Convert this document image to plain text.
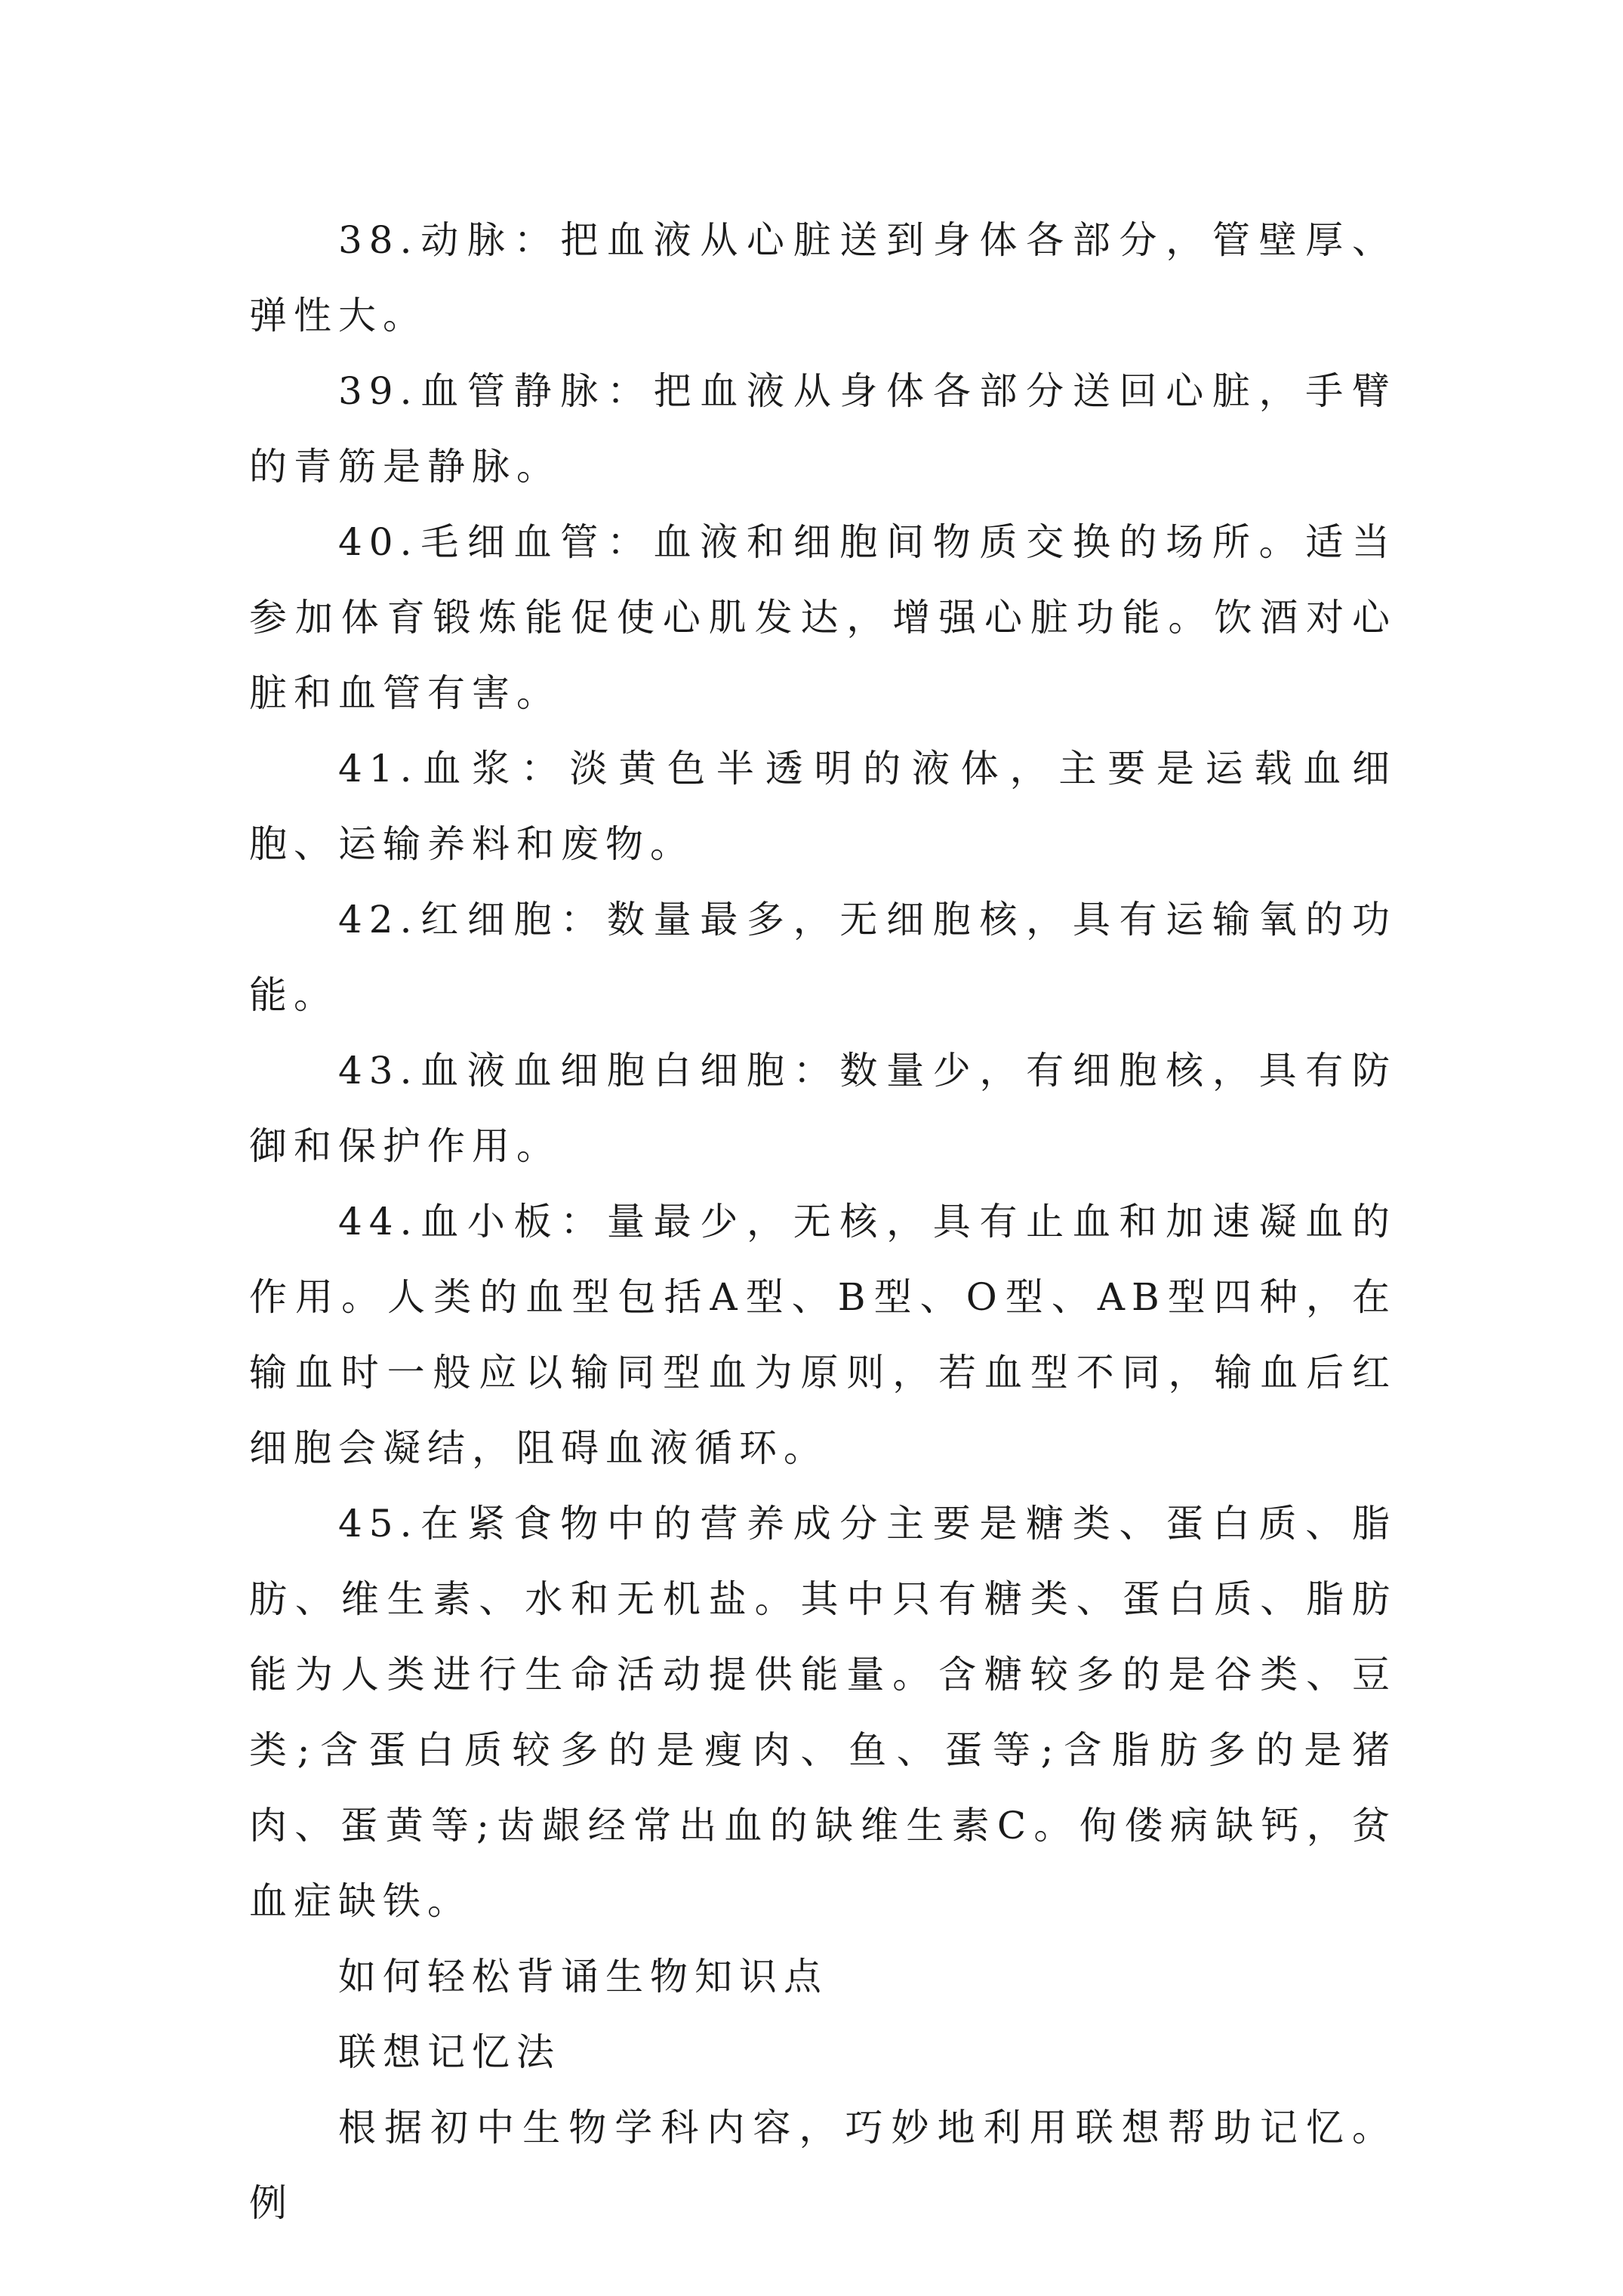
38.动脉：把血液从心脏送到身体各部分，管壁厚、弹性大。

39.血管静脉：把血液从身体各部分送回心脏，手臂的青筋是静脉。

40.毛细血管：血液和细胞间物质交换的场所。适当参加体育锻炼能促使心肌发达，增强心脏功能。饮酒对心脏和血管有害。

41.血浆：淡黄色半透明的液体，主要是运载血细胞、运输养料和废物。

42.红细胞：数量最多，无细胞核，具有运输氧的功能。

43.血液血细胞白细胞：数量少，有细胞核，具有防御和保护作用。

44.血小板：量最少，无核，具有止血和加速凝血的作用。人类的血型包括A型、B型、O型、AB型四种，在输血时一般应以输同型血为原则，若血型不同，输血后红细胞会凝结，阻碍血液循环。

45.在紧食物中的营养成分主要是糖类、蛋白质、脂肪、维生素、水和无机盐。其中只有糖类、蛋白质、脂肪能为人类进行生命活动提供能量。含糖较多的是谷类、豆类;含蛋白质较多的是瘦肉、鱼、蛋等;含脂肪多的是猪肉、蛋黄等;齿龈经常出血的缺维生素C。佝偻病缺钙，贫血症缺铁。

如何轻松背诵生物知识点

联想记忆法

根据初中生物学科内容，巧妙地利用联想帮助记忆。例
